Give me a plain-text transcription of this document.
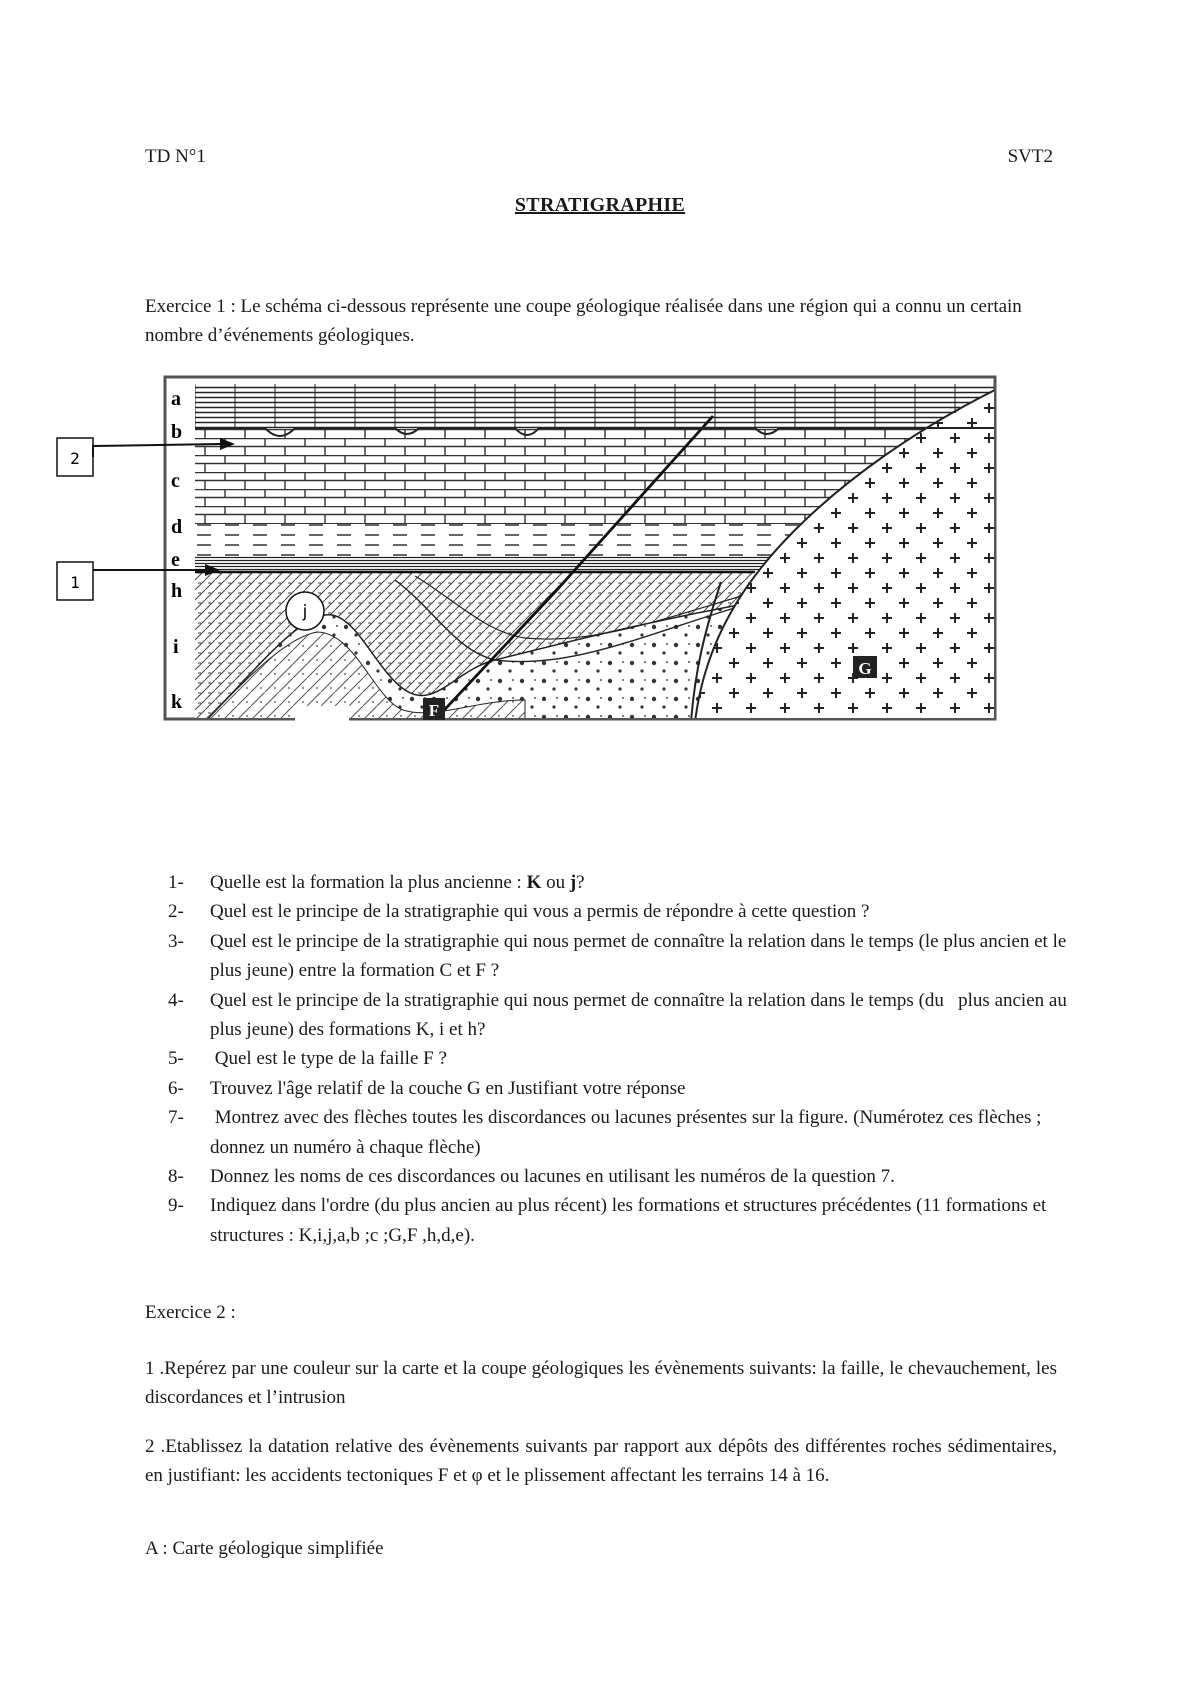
TD N°1	SVT2
STRATIGRAPHIE
Exercice 1 : Le schéma ci-dessous représente une coupe géologique réalisée dans une région qui a connu un certain nombre d’événements géologiques.
a
b
c
d
e
h
i
k
2
1
j
F
G
1- Quelle est la formation la plus ancienne : K ou j?
2- Quel est le principe de la stratigraphie qui vous a permis de répondre à cette question ?
3- Quel est le principe de la stratigraphie qui nous permet de connaître la relation dans le temps (le plus ancien et le plus jeune) entre la formation C et F ?
4- Quel est le principe de la stratigraphie qui nous permet de connaître la relation dans le temps (du   plus ancien au plus jeune) des formations K, i et h?
5- Quel est le type de la faille F ?
6- Trouvez l'âge relatif de la couche G en Justifiant votre réponse
7- Montrez avec des flèches toutes les discordances ou lacunes présentes sur la figure. (Numérotez ces flèches ; donnez un numéro à chaque flèche)
8- Donnez les noms de ces discordances ou lacunes en utilisant les numéros de la question 7.
9- Indiquez dans l'ordre (du plus ancien au plus récent) les formations et structures précédentes (11 formations et structures : K,i,j,a,b ;c ;G,F ,h,d,e).
Exercice 2 :
1 .Repérez par une couleur sur la carte et la coupe géologiques les évènements suivants: la faille, le chevauchement, les discordances et l’intrusion
2 .Etablissez la datation relative des évènements suivants par rapport aux dépôts des différentes roches sédimentaires, en justifiant: les accidents tectoniques F et φ et le plissement affectant les terrains 14 à 16.
A : Carte géologique simplifiée
